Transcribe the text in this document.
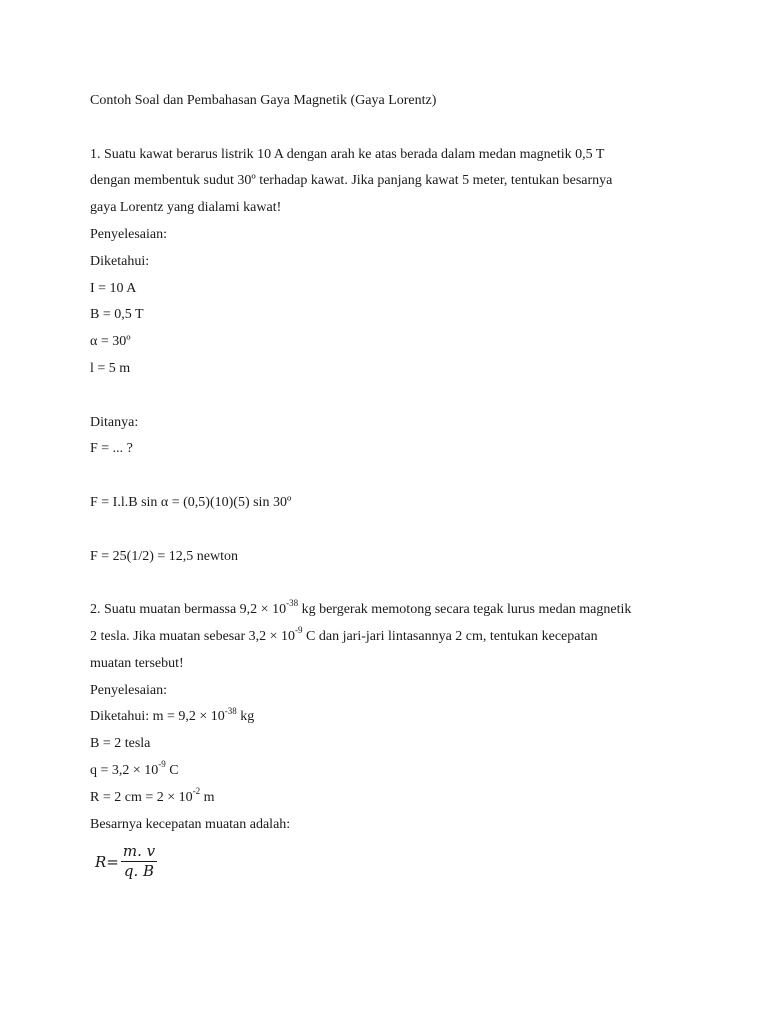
Contoh Soal dan Pembahasan Gaya Magnetik (Gaya Lorentz)
1. Suatu kawat berarus listrik 10 A dengan arah ke atas berada dalam medan magnetik 0,5 T
dengan membentuk sudut 30º terhadap kawat. Jika panjang kawat 5 meter, tentukan besarnya
gaya Lorentz yang dialami kawat!
Penyelesaian:
Diketahui:
I = 10 A
B = 0,5 T
α = 30º
l = 5 m
Ditanya:
F = ... ?
F = I.l.B sin α = (0,5)(10)(5) sin 30º
F = 25(1/2) = 12,5 newton
2. Suatu muatan bermassa $9,2 \times 10^{-38}$ kg bergerak memotong secara tegak lurus medan magnetik
2 tesla. Jika muatan sebesar $3,2 \times 10^{-9}$ C dan jari-jari lintasannya 2 cm, tentukan kecepatan
muatan tersebut!
Penyelesaian:
Diketahui: $m = 9,2 \times 10^{-38}$ kg
B = 2 tesla
$q = 3,2 \times 10^{-9}$ C
R = 2 cm = $2 \times 10^{-2}$ m
Besarnya kecepatan muatan adalah:
$R= \frac{m. v}{q. B}$
